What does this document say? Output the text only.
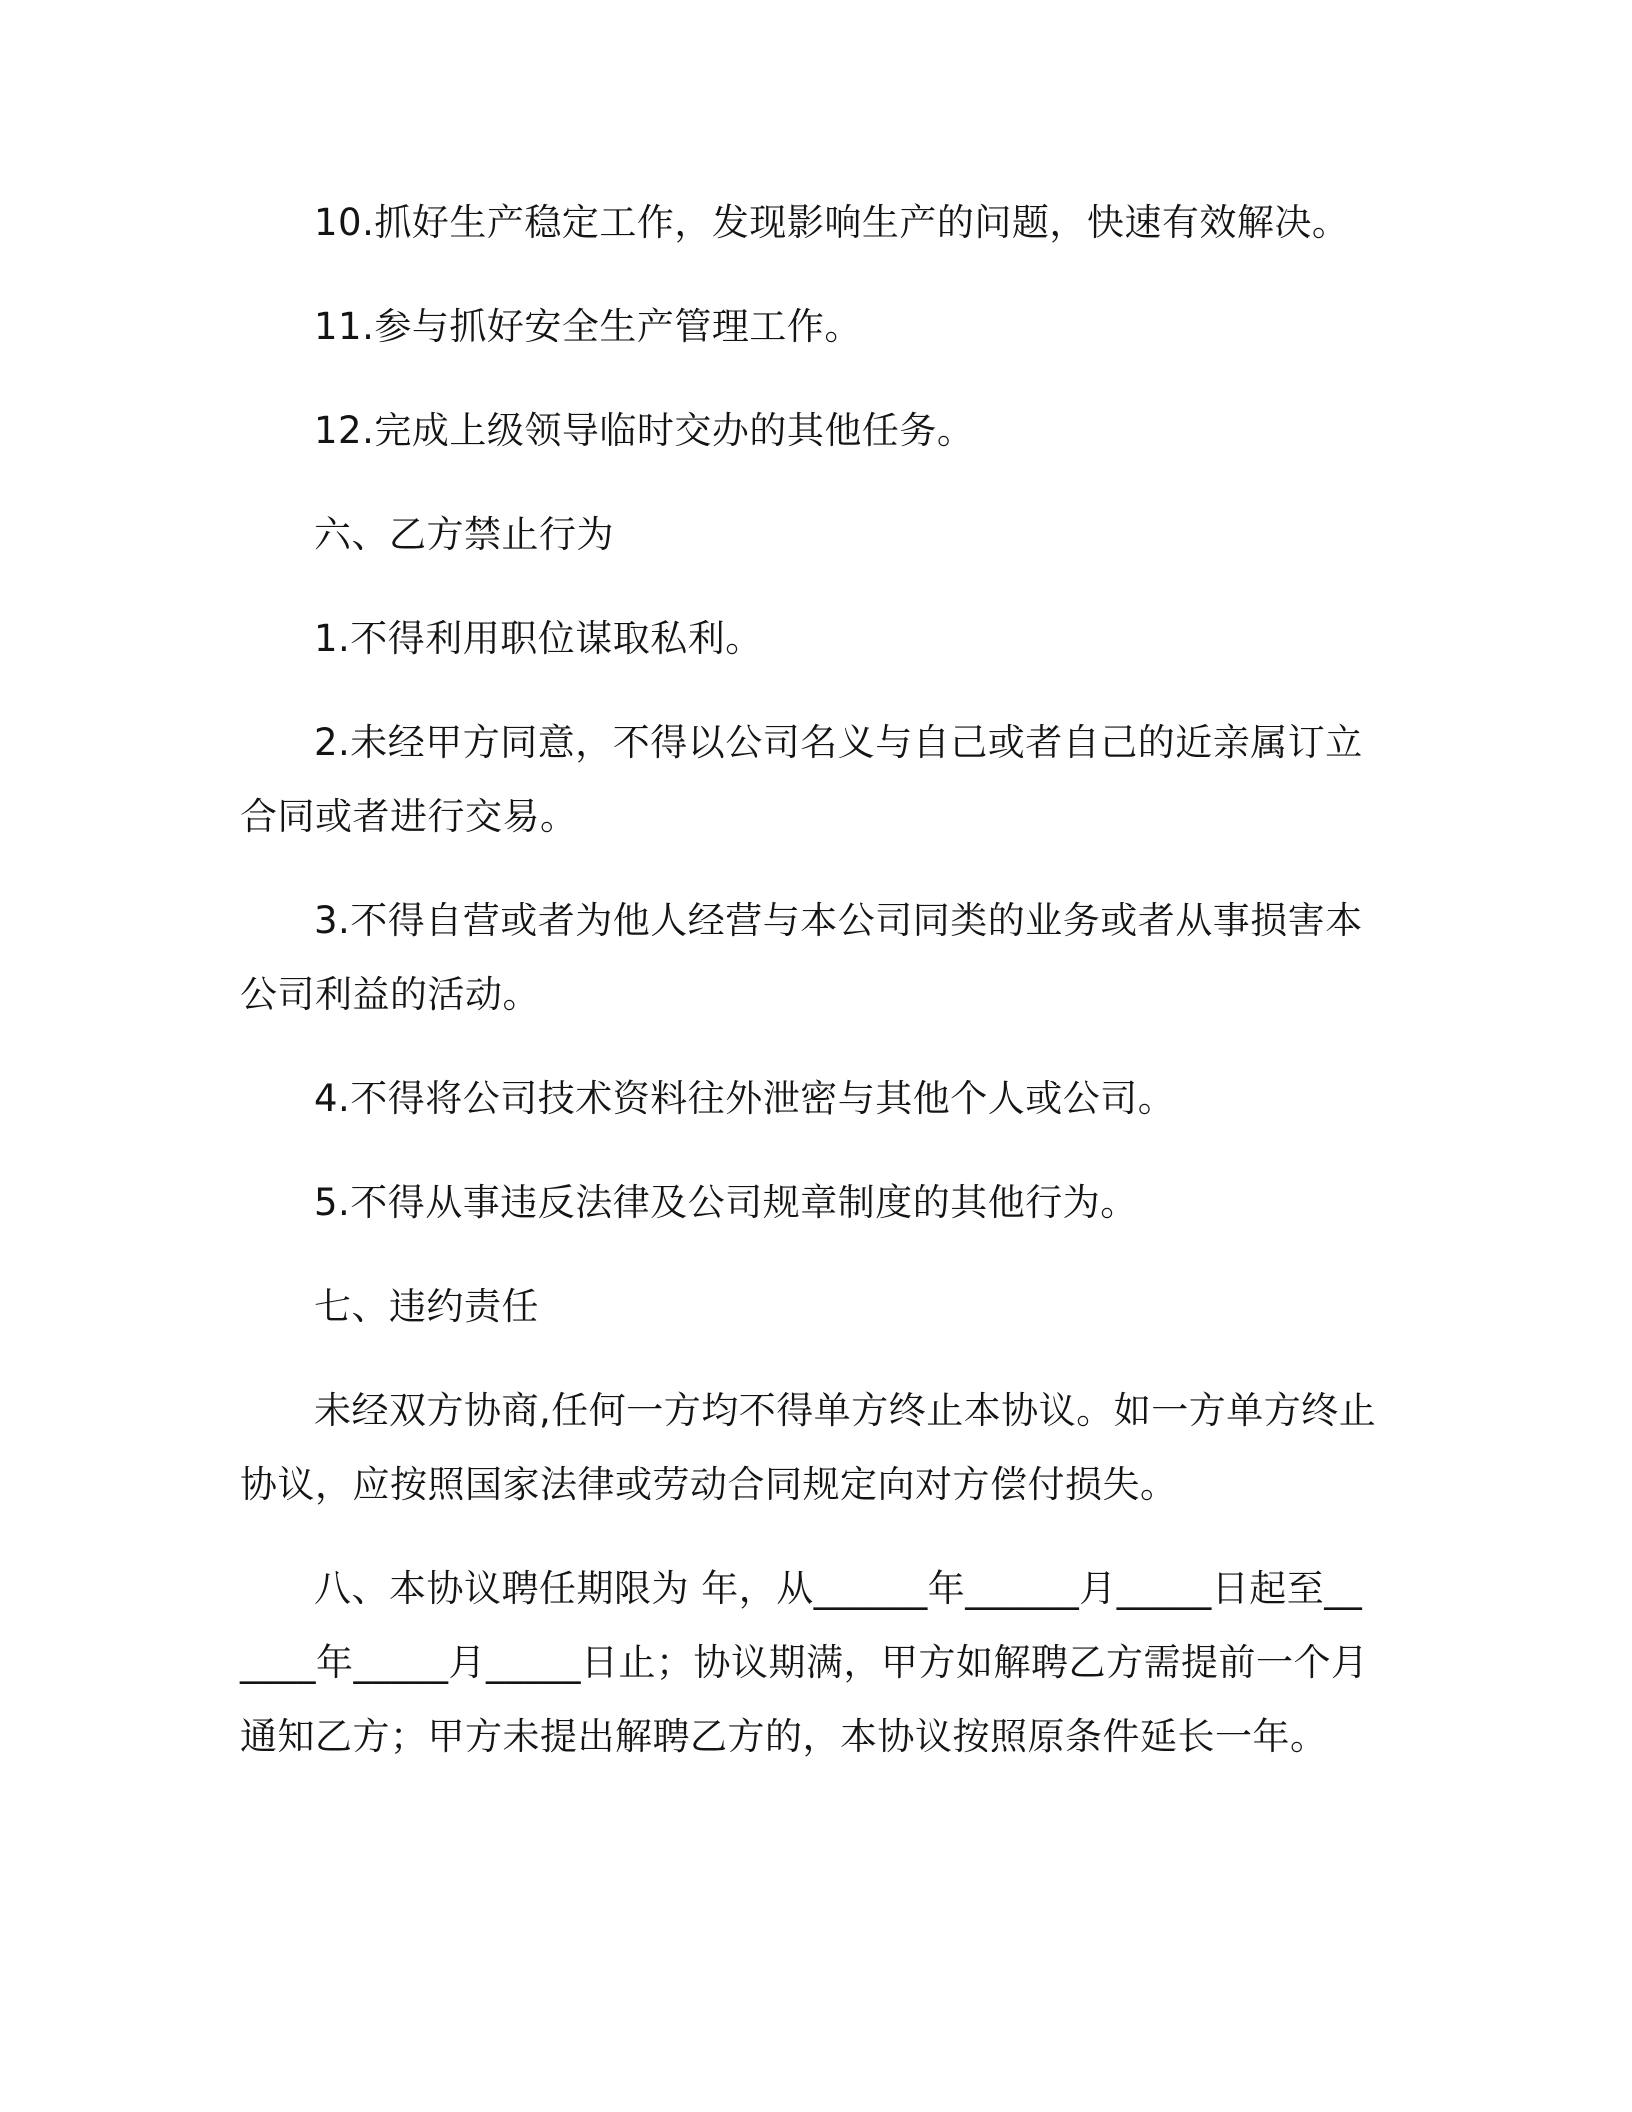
10.抓好生产稳定工作，发现影响生产的问题，快速有效解决。

11.参与抓好安全生产管理工作。

12.完成上级领导临时交办的其他任务。

六、乙方禁止行为

1.不得利用职位谋取私利。

2.未经甲方同意，不得以公司名义与自己或者自己的近亲属订立合同或者进行交易。

3.不得自营或者为他人经营与本公司同类的业务或者从事损害本公司利益的活动。

4.不得将公司技术资料往外泄密与其他个人或公司。

5.不得从事违反法律及公司规章制度的其他行为。

七、违约责任

未经双方协商,任何一方均不得单方终止本协议。如一方单方终止协议，应按照国家法律或劳动合同规定向对方偿付损失。

八、本协议聘任期限为 年，从______年______月_____日起至______年_____月_____日止；协议期满，甲方如解聘乙方需提前一个月通知乙方；甲方未提出解聘乙方的，本协议按照原条件延长一年。
